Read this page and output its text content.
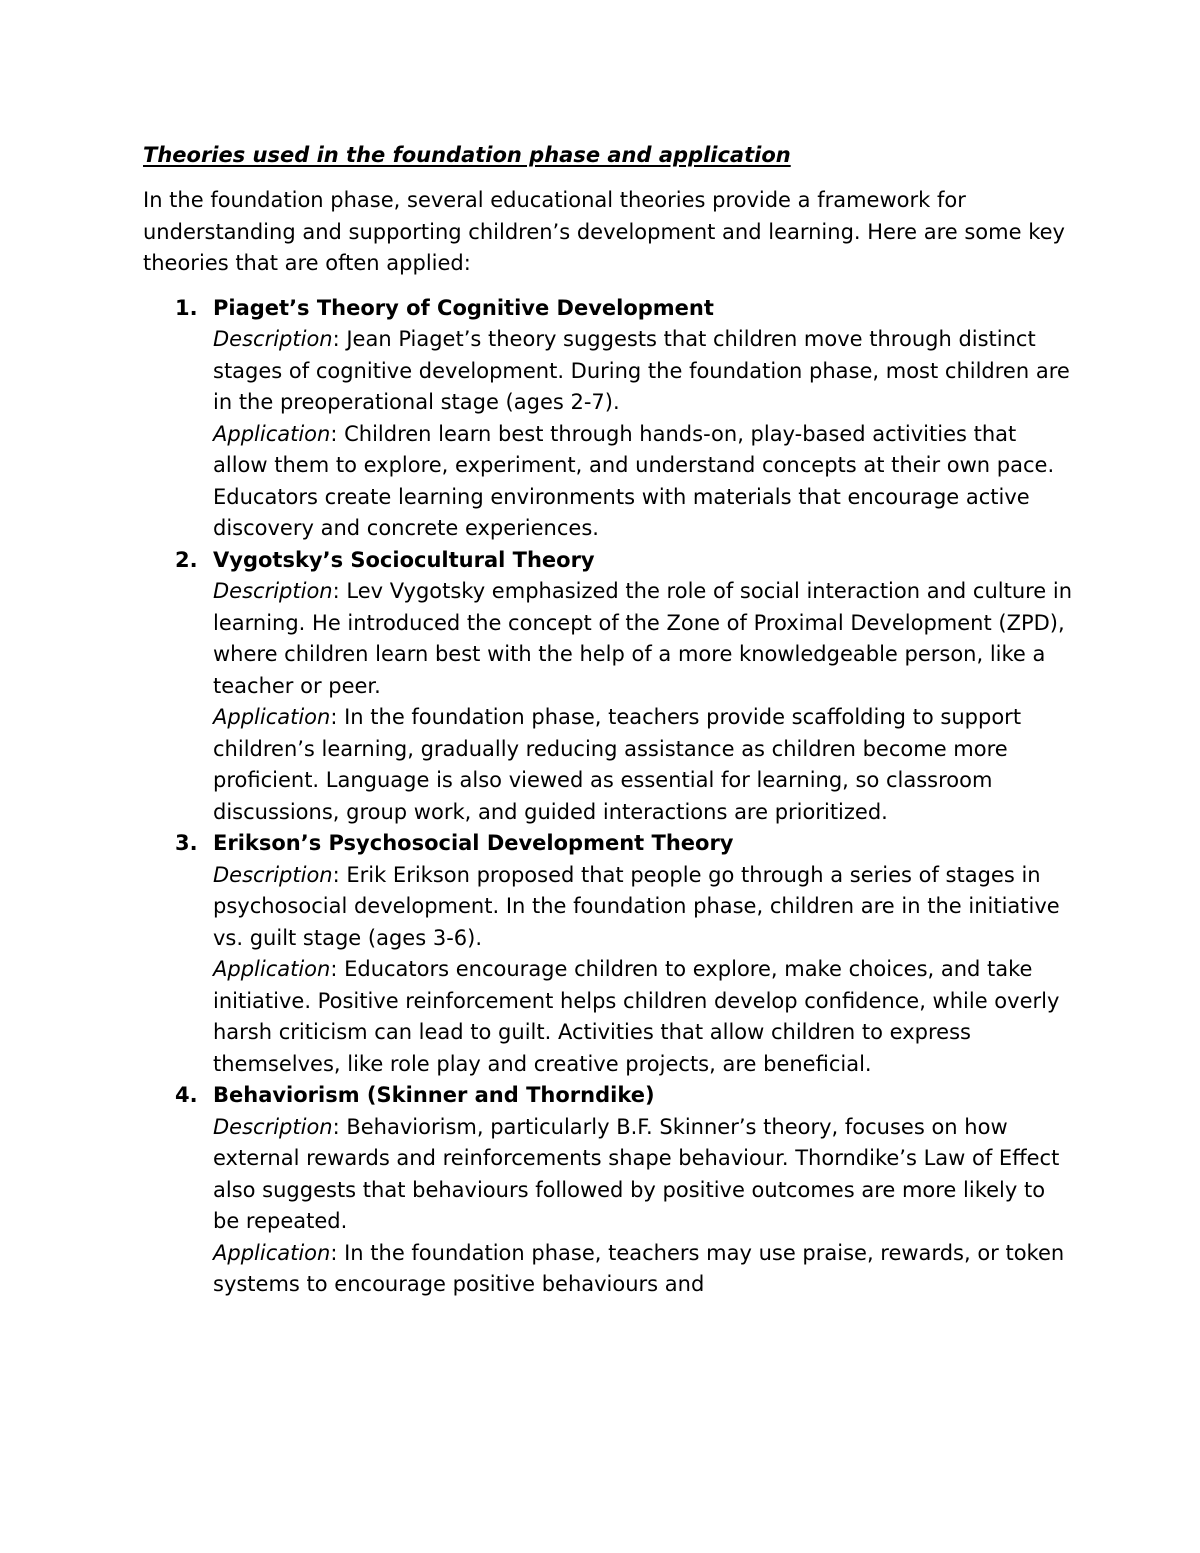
Theories used in the foundation phase and application

In the foundation phase, several educational theories provide a framework for understanding and supporting children’s development and learning. Here are some key theories that are often applied:

1. Piaget’s Theory of Cognitive Development

Description: Jean Piaget’s theory suggests that children move through distinct stages of cognitive development. During the foundation phase, most children are in the preoperational stage (ages 2-7).

Application: Children learn best through hands-on, play-based activities that allow them to explore, experiment, and understand concepts at their own pace. Educators create learning environments with materials that encourage active discovery and concrete experiences.

2. Vygotsky’s Sociocultural Theory

Description: Lev Vygotsky emphasized the role of social interaction and culture in learning. He introduced the concept of the Zone of Proximal Development (ZPD), where children learn best with the help of a more knowledgeable person, like a teacher or peer.

Application: In the foundation phase, teachers provide scaffolding to support children’s learning, gradually reducing assistance as children become more proficient. Language is also viewed as essential for learning, so classroom discussions, group work, and guided interactions are prioritized.

3. Erikson’s Psychosocial Development Theory

Description: Erik Erikson proposed that people go through a series of stages in psychosocial development. In the foundation phase, children are in the initiative vs. guilt stage (ages 3-6).

Application: Educators encourage children to explore, make choices, and take initiative. Positive reinforcement helps children develop confidence, while overly harsh criticism can lead to guilt. Activities that allow children to express themselves, like role play and creative projects, are beneficial.

4. Behaviorism (Skinner and Thorndike)

Description: Behaviorism, particularly B.F. Skinner’s theory, focuses on how external rewards and reinforcements shape behaviour. Thorndike’s Law of Effect also suggests that behaviours followed by positive outcomes are more likely to be repeated.

Application: In the foundation phase, teachers may use praise, rewards, or token systems to encourage positive behaviours and
